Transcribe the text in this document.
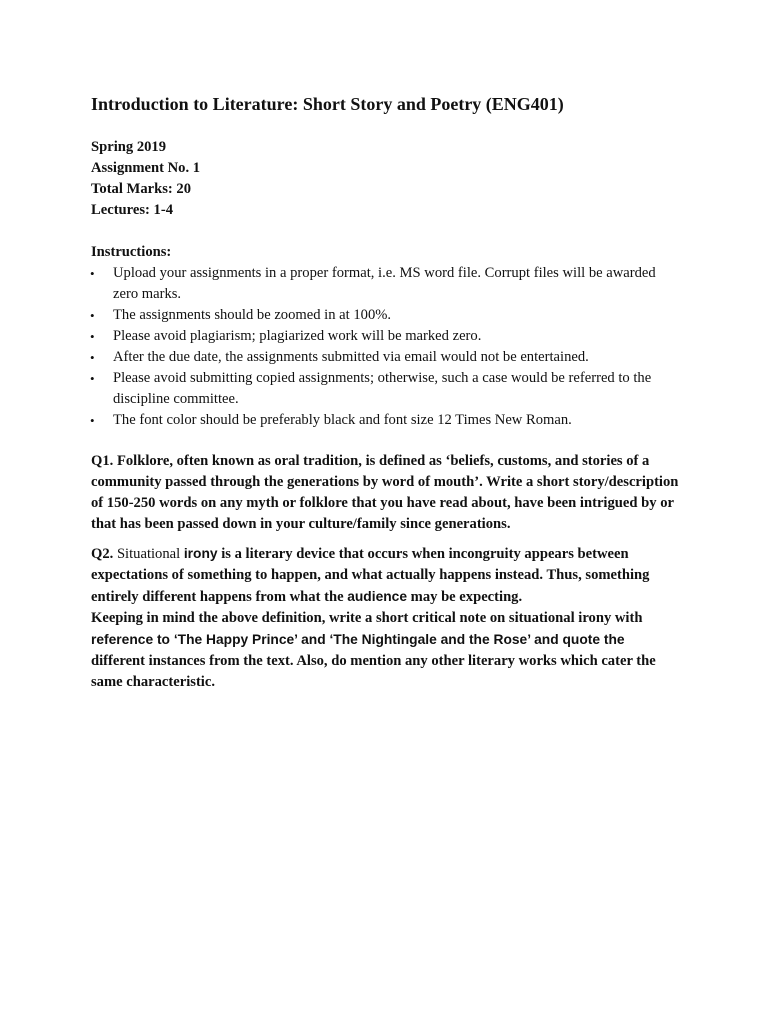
Introduction to Literature: Short Story and Poetry (ENG401)
Spring 2019
Assignment No. 1
Total Marks: 20
Lectures: 1-4
Instructions:
• Upload your assignments in a proper format, i.e. MS word file. Corrupt files will be awarded zero marks.
• The assignments should be zoomed in at 100%.
• Please avoid plagiarism; plagiarized work will be marked zero.
• After the due date, the assignments submitted via email would not be entertained.
• Please avoid submitting copied assignments; otherwise, such a case would be referred to the discipline committee.
• The font color should be preferably black and font size 12 Times New Roman.
Q1. Folklore, often known as oral tradition, is defined as ‘beliefs, customs, and stories of a community passed through the generations by word of mouth’. Write a short story/description of 150-250 words on any myth or folklore that you have read about, have been intrigued by or that has been passed down in your culture/family since generations.
Q2. Situational irony is a literary device that occurs when incongruity appears between expectations of something to happen, and what actually happens instead. Thus, something entirely different happens from what the audience may be expecting.
Keeping in mind the above definition, write a short critical note on situational irony with reference to ‘The Happy Prince’ and ‘The Nightingale and the Rose’ and quote the different instances from the text. Also, do mention any other literary works which cater the same characteristic.
